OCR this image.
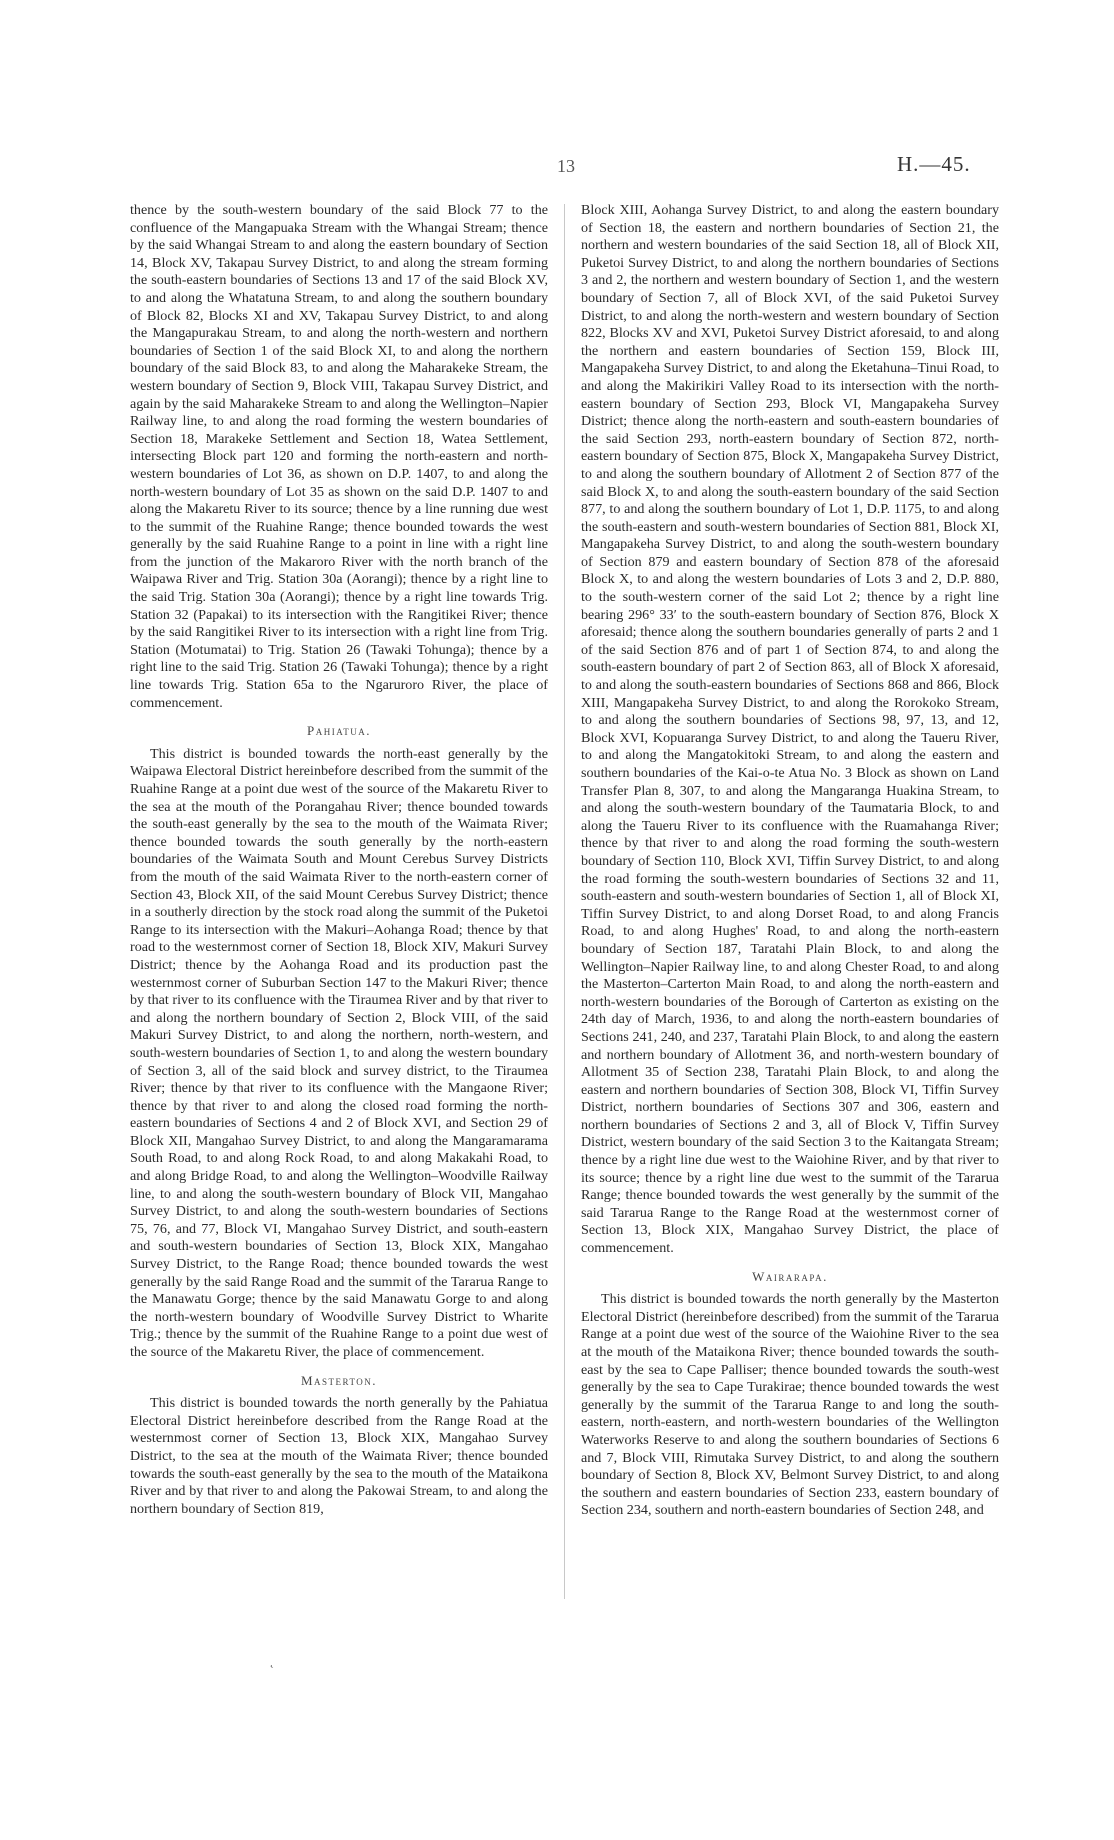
13	H.—45.

thence by the south-western boundary of the said Block 77 to the confluence of the Mangapuaka Stream with the Whangai Stream; thence by the said Whangai Stream to and along the eastern boundary of Section 14, Block XV, Takapau Survey District, to and along the stream forming the south-eastern boundaries of Sections 13 and 17 of the said Block XV, to and along the Whatatuna Stream, to and along the southern boundary of Block 82, Blocks XI and XV, Takapau Survey District, to and along the Mangapurakau Stream, to and along the north-western and northern boundaries of Section 1 of the said Block XI, to and along the northern boundary of the said Block 83, to and along the Maharakeke Stream, the western boundary of Section 9, Block VIII, Takapau Survey District, and again by the said Maharakeke Stream to and along the Wellington–Napier Railway line, to and along the road forming the western boundaries of Section 18, Marakeke Settlement and Section 18, Watea Settlement, intersecting Block part 120 and forming the north-eastern and north-western boundaries of Lot 36, as shown on D.P. 1407, to and along the north-western boundary of Lot 35 as shown on the said D.P. 1407 to and along the Makaretu River to its source; thence by a line running due west to the summit of the Ruahine Range; thence bounded towards the west generally by the said Ruahine Range to a point in line with a right line from the junction of the Makaroro River with the north branch of the Waipawa River and Trig. Station 30a (Aorangi); thence by a right line to the said Trig. Station 30a (Aorangi); thence by a right line towards Trig. Station 32 (Papakai) to its intersection with the Rangitikei River; thence by the said Rangitikei River to its intersection with a right line from Trig. Station (Motumatai) to Trig. Station 26 (Tawaki Tohunga); thence by a right line to the said Trig. Station 26 (Tawaki Tohunga); thence by a right line towards Trig. Station 65a to the Ngaruroro River, the place of commencement.

Pahiatua.

This district is bounded towards the north-east generally by the Waipawa Electoral District hereinbefore described from the summit of the Ruahine Range at a point due west of the source of the Makaretu River to the sea at the mouth of the Porangahau River; thence bounded towards the south-east generally by the sea to the mouth of the Waimata River; thence bounded towards the south generally by the north-eastern boundaries of the Waimata South and Mount Cerebus Survey Districts from the mouth of the said Waimata River to the north-eastern corner of Section 43, Block XII, of the said Mount Cerebus Survey District; thence in a southerly direction by the stock road along the summit of the Puketoi Range to its intersection with the Makuri–Aohanga Road; thence by that road to the westernmost corner of Section 18, Block XIV, Makuri Survey District; thence by the Aohanga Road and its production past the westernmost corner of Suburban Section 147 to the Makuri River; thence by that river to its confluence with the Tiraumea River and by that river to and along the northern boundary of Section 2, Block VIII, of the said Makuri Survey District, to and along the northern, north-western, and south-western boundaries of Section 1, to and along the western boundary of Section 3, all of the said block and survey district, to the Tiraumea River; thence by that river to its confluence with the Mangaone River; thence by that river to and along the closed road forming the north-eastern boundaries of Sections 4 and 2 of Block XVI, and Section 29 of Block XII, Mangahao Survey District, to and along the Mangaramarama South Road, to and along Rock Road, to and along Makakahi Road, to and along Bridge Road, to and along the Wellington–Woodville Railway line, to and along the south-western boundary of Block VII, Mangahao Survey District, to and along the south-western boundaries of Sections 75, 76, and 77, Block VI, Mangahao Survey District, and south-eastern and south-western boundaries of Section 13, Block XIX, Mangahao Survey District, to the Range Road; thence bounded towards the west generally by the said Range Road and the summit of the Tararua Range to the Manawatu Gorge; thence by the said Manawatu Gorge to and along the north-western boundary of Woodville Survey District to Wharite Trig.; thence by the summit of the Ruahine Range to a point due west of the source of the Makaretu River, the place of commencement.

Masterton.

This district is bounded towards the north generally by the Pahiatua Electoral District hereinbefore described from the Range Road at the westernmost corner of Section 13, Block XIX, Mangahao Survey District, to the sea at the mouth of the Waimata River; thence bounded towards the south-east generally by the sea to the mouth of the Mataikona River and by that river to and along the Pakowai Stream, to and along the northern boundary of Section 819,

Block XIII, Aohanga Survey District, to and along the eastern boundary of Section 18, the eastern and northern boundaries of Section 21, the northern and western boundaries of the said Section 18, all of Block XII, Puketoi Survey District, to and along the northern boundaries of Sections 3 and 2, the northern and western boundary of Section 1, and the western boundary of Section 7, all of Block XVI, of the said Puketoi Survey District, to and along the north-western and western boundary of Section 822, Blocks XV and XVI, Puketoi Survey District aforesaid, to and along the northern and eastern boundaries of Section 159, Block III, Mangapakeha Survey District, to and along the Eketahuna–Tinui Road, to and along the Makirikiri Valley Road to its intersection with the north-eastern boundary of Section 293, Block VI, Mangapakeha Survey District; thence along the north-eastern and south-eastern boundaries of the said Section 293, north-eastern boundary of Section 872, north-eastern boundary of Section 875, Block X, Mangapakeha Survey District, to and along the southern boundary of Allotment 2 of Section 877 of the said Block X, to and along the south-eastern boundary of the said Section 877, to and along the southern boundary of Lot 1, D.P. 1175, to and along the south-eastern and south-western boundaries of Section 881, Block XI, Mangapakeha Survey District, to and along the south-western boundary of Section 879 and eastern boundary of Section 878 of the aforesaid Block X, to and along the western boundaries of Lots 3 and 2, D.P. 880, to the south-western corner of the said Lot 2; thence by a right line bearing 296° 33′ to the south-eastern boundary of Section 876, Block X aforesaid; thence along the southern boundaries generally of parts 2 and 1 of the said Section 876 and of part 1 of Section 874, to and along the south-eastern boundary of part 2 of Section 863, all of Block X aforesaid, to and along the south-eastern boundaries of Sections 868 and 866, Block XIII, Mangapakeha Survey District, to and along the Rorokoko Stream, to and along the southern boundaries of Sections 98, 97, 13, and 12, Block XVI, Kopuaranga Survey District, to and along the Taueru River, to and along the Mangatokitoki Stream, to and along the eastern and southern boundaries of the Kai-o-te Atua No. 3 Block as shown on Land Transfer Plan 8, 307, to and along the Mangaranga Huakina Stream, to and along the south-western boundary of the Taumataria Block, to and along the Taueru River to its confluence with the Ruamahanga River; thence by that river to and along the road forming the south-western boundary of Section 110, Block XVI, Tiffin Survey District, to and along the road forming the south-western boundaries of Sections 32 and 11, south-eastern and south-western boundaries of Section 1, all of Block XI, Tiffin Survey District, to and along Dorset Road, to and along Francis Road, to and along Hughes' Road, to and along the north-eastern boundary of Section 187, Taratahi Plain Block, to and along the Wellington–Napier Railway line, to and along Chester Road, to and along the Masterton–Carterton Main Road, to and along the north-eastern and north-western boundaries of the Borough of Carterton as existing on the 24th day of March, 1936, to and along the north-eastern boundaries of Sections 241, 240, and 237, Taratahi Plain Block, to and along the eastern and northern boundary of Allotment 36, and north-western boundary of Allotment 35 of Section 238, Taratahi Plain Block, to and along the eastern and northern boundaries of Section 308, Block VI, Tiffin Survey District, northern boundaries of Sections 307 and 306, eastern and northern boundaries of Sections 2 and 3, all of Block V, Tiffin Survey District, western boundary of the said Section 3 to the Kaitangata Stream; thence by a right line due west to the Waiohine River, and by that river to its source; thence by a right line due west to the summit of the Tararua Range; thence bounded towards the west generally by the summit of the said Tararua Range to the Range Road at the westernmost corner of Section 13, Block XIX, Mangahao Survey District, the place of commencement.

Wairarapa.

This district is bounded towards the north generally by the Masterton Electoral District (hereinbefore described) from the summit of the Tararua Range at a point due west of the source of the Waiohine River to the sea at the mouth of the Mataikona River; thence bounded towards the south-east by the sea to Cape Palliser; thence bounded towards the south-west generally by the sea to Cape Turakirae; thence bounded towards the west generally by the summit of the Tararua Range to and long the south-eastern, north-eastern, and north-western boundaries of the Wellington Waterworks Reserve to and along the southern boundaries of Sections 6 and 7, Block VIII, Rimutaka Survey District, to and along the southern boundary of Section 8, Block XV, Belmont Survey District, to and along the southern and eastern boundaries of Section 233, eastern boundary of Section 234, southern and north-eastern boundaries of Section 248, and

˛
